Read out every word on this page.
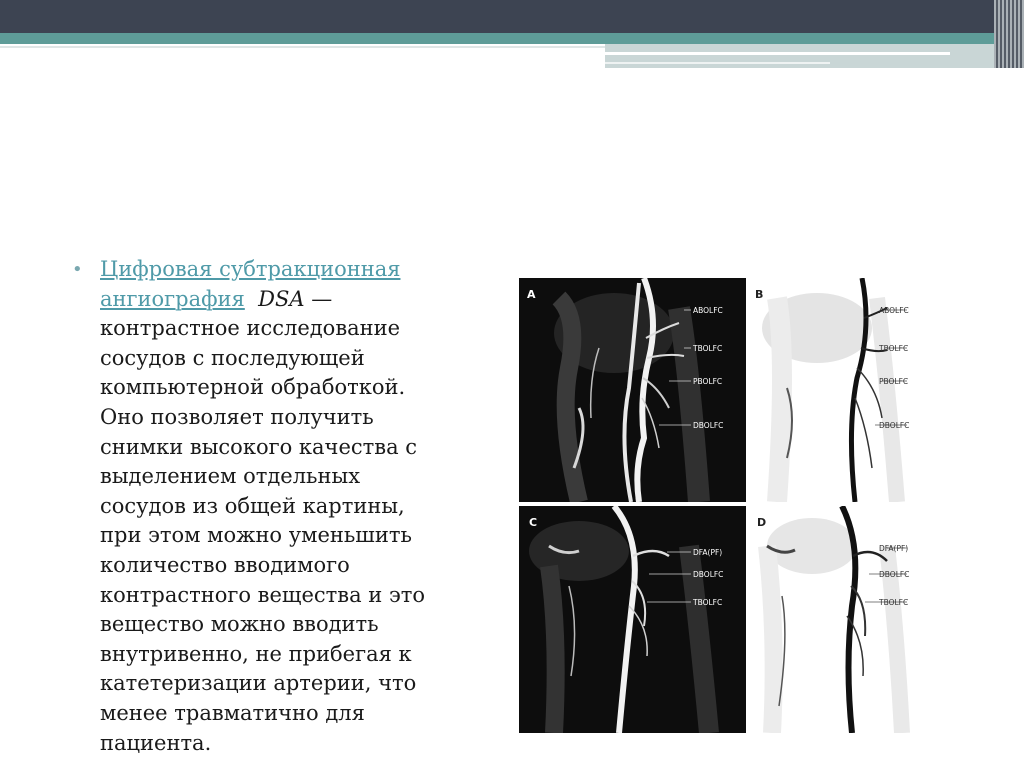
• Цифровая субтракционная ангиография DSA —
контрастное исследование
сосудов с последующей
компьютерной обработкой.
Оно позволяет получить
снимки высокого качества с
выделением отдельных
сосудов из общей картины,
при этом можно уменьшить
количество вводимого
контрастного вещества и это
вещество можно вводить
внутривенно, не прибегая к
катетеризации артерии, что
менее травматично для
пациента.
A
ABOLFC
TBOLFC
PBOLFC
DBOLFC
B
ABOLFC
TBOLFC
PBOLFC
DBOLFC
C
DFA(PF)
DBOLFC
TBOLFC
D
DFA(PF)
DBOLFC
TBOLFC
